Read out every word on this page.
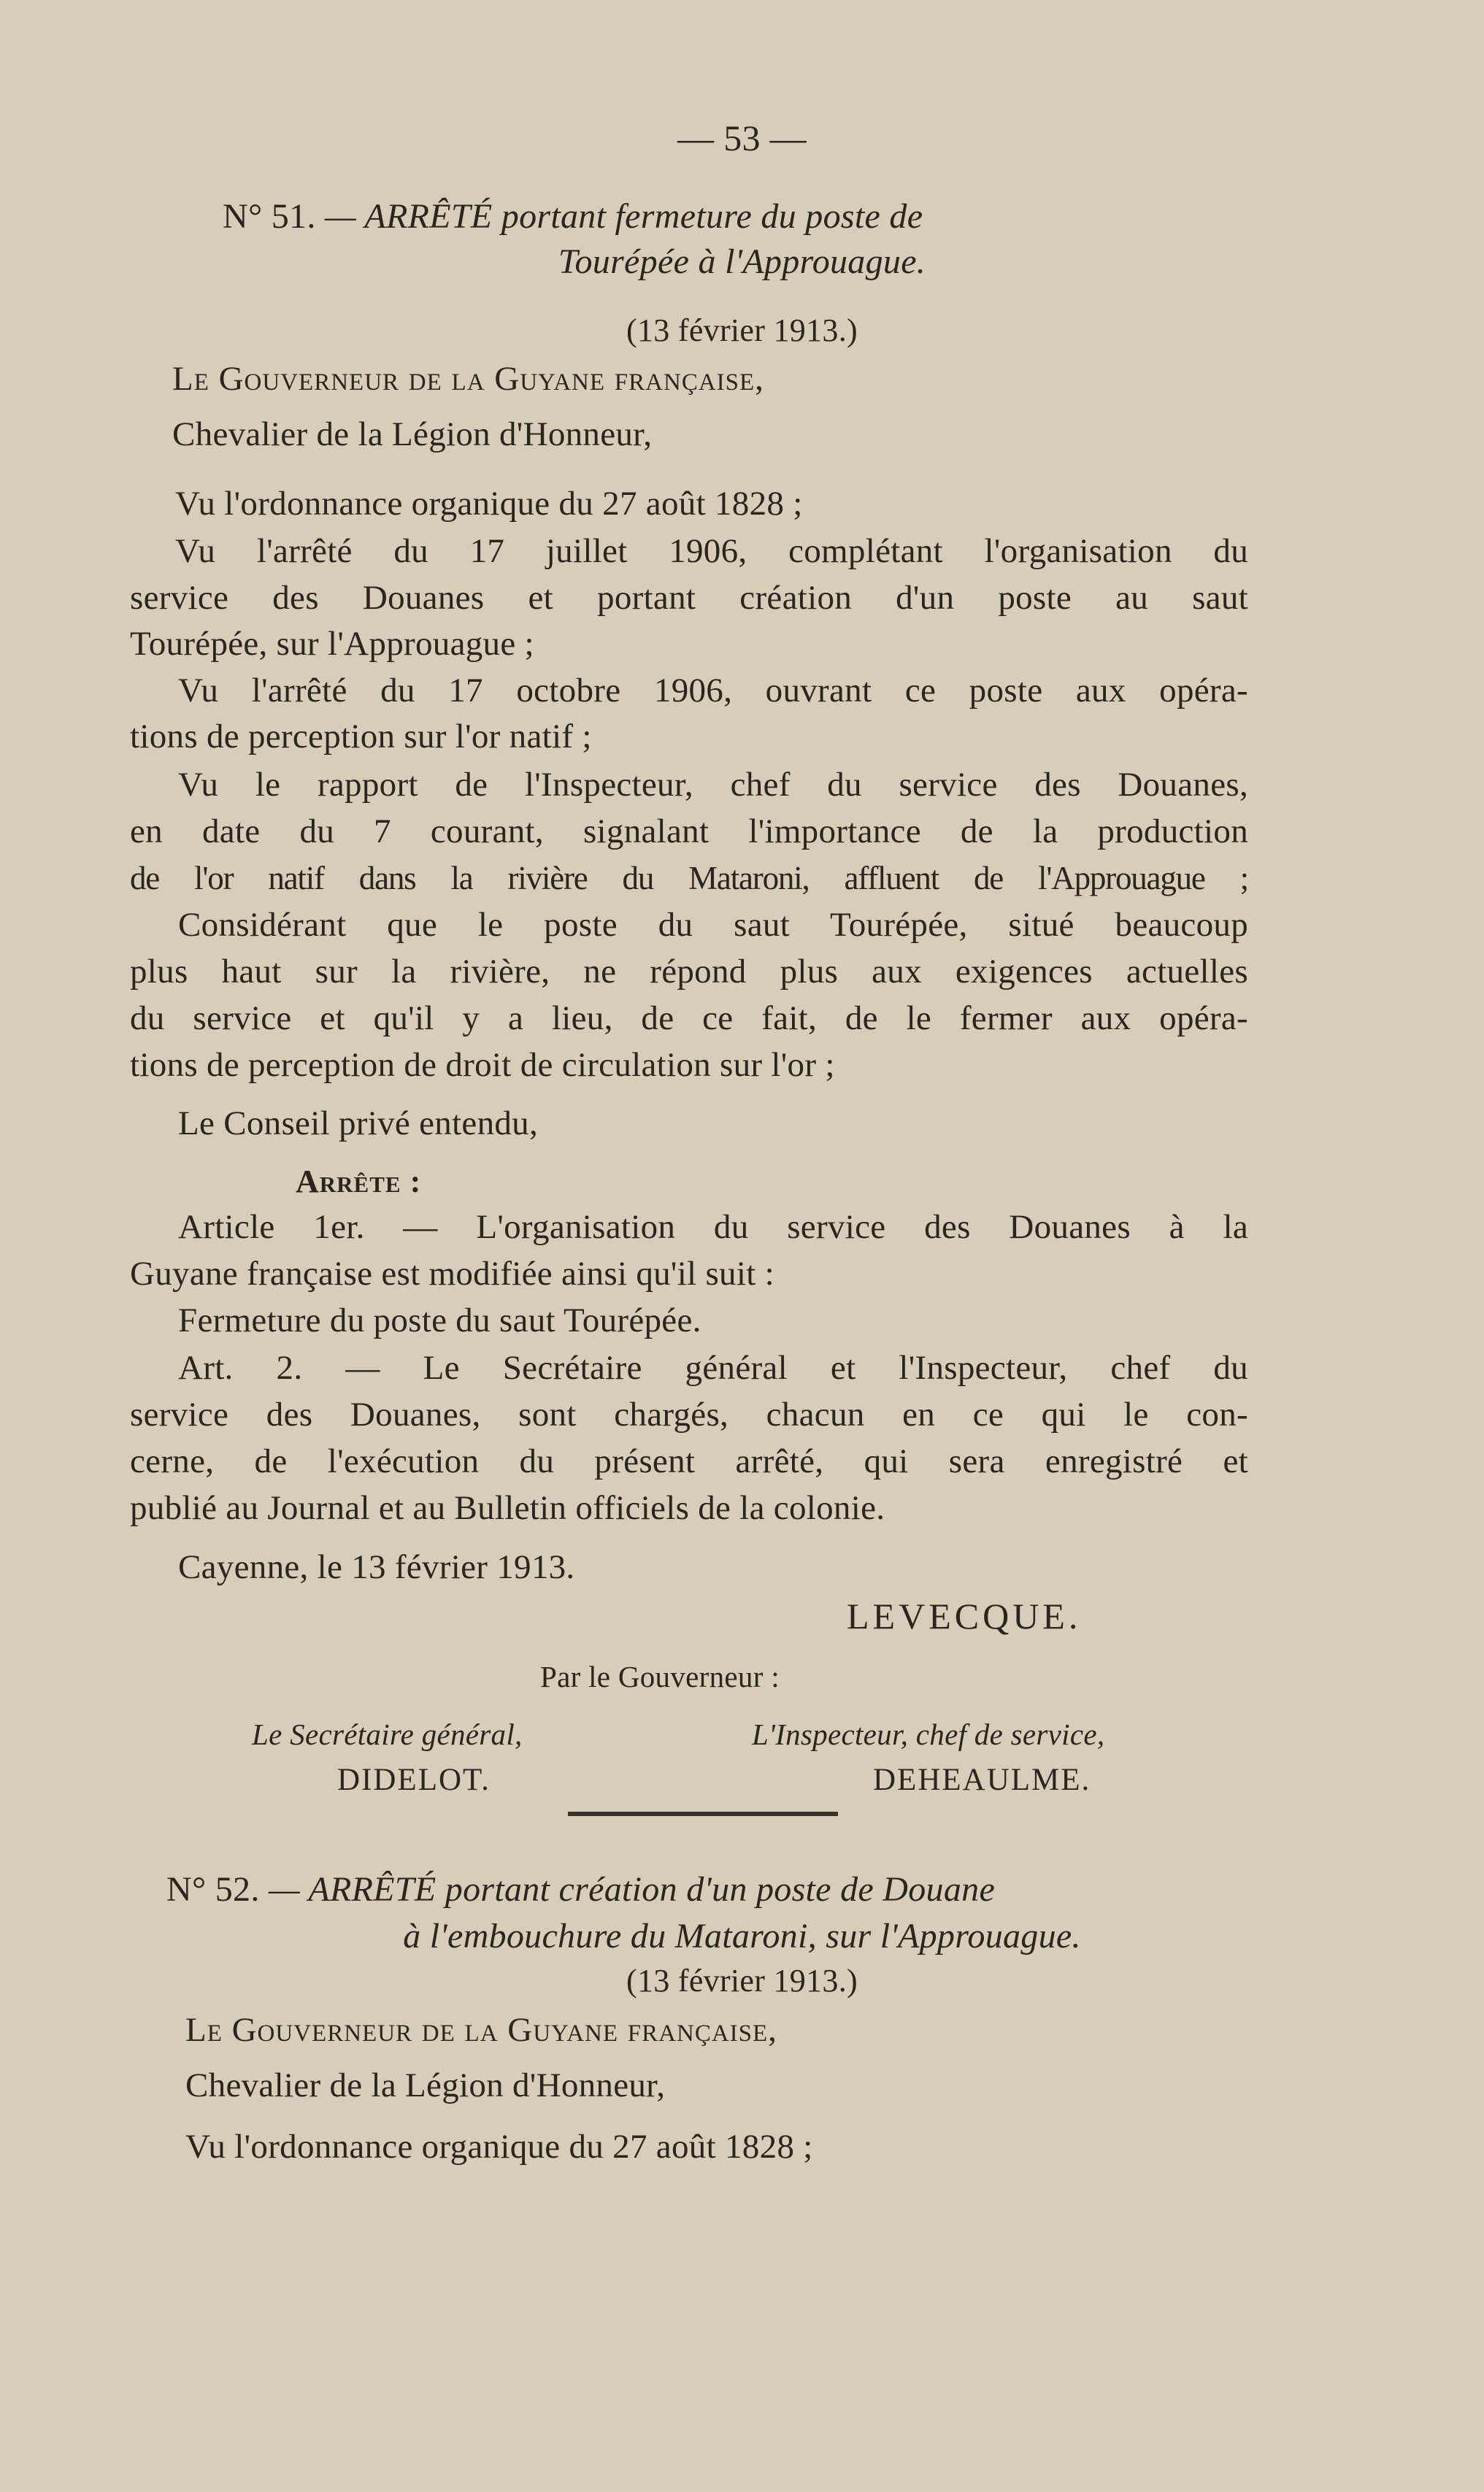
— 53 —
N° 51. — ARRÊTÉ portant fermeture du poste de
Tourépée à l'Approuague.
(13 février 1913.)
Le Gouverneur de la Guyane française,
Chevalier de la Légion d'Honneur,
Vu l'ordonnance organique du 27 août 1828 ;
Vu l'arrêté du 17 juillet 1906, complétant l'organisation du
service des Douanes et portant création d'un poste au saut
Tourépée, sur l'Approuague ;
Vu l'arrêté du 17 octobre 1906, ouvrant ce poste aux opéra-
tions de perception sur l'or natif ;
Vu le rapport de l'Inspecteur, chef du service des Douanes,
en date du 7 courant, signalant l'importance de la production
de l'or natif dans la rivière du Mataroni, affluent de l'Approuague ;
Considérant que le poste du saut Tourépée, situé beaucoup
plus haut sur la rivière, ne répond plus aux exigences actuelles
du service et qu'il y a lieu, de ce fait, de le fermer aux opéra-
tions de perception de droit de circulation sur l'or ;
Le Conseil privé entendu,
Arrête :
Article 1er. — L'organisation du service des Douanes à la
Guyane française est modifiée ainsi qu'il suit :
Fermeture du poste du saut Tourépée.
Art. 2. — Le Secrétaire général et l'Inspecteur, chef du
service des Douanes, sont chargés, chacun en ce qui le con-
cerne, de l'exécution du présent arrêté, qui sera enregistré et
publié au Journal et au Bulletin officiels de la colonie.
Cayenne, le 13 février 1913.
LEVECQUE.
Par le Gouverneur :
Le Secrétaire général,	L'Inspecteur, chef de service,
DIDELOT.	DEHEAULME.
N° 52. — ARRÊTÉ portant création d'un poste de Douane
à l'embouchure du Mataroni, sur l'Approuague.
(13 février 1913.)
Le Gouverneur de la Guyane française,
Chevalier de la Légion d'Honneur,
Vu l'ordonnance organique du 27 août 1828 ;
